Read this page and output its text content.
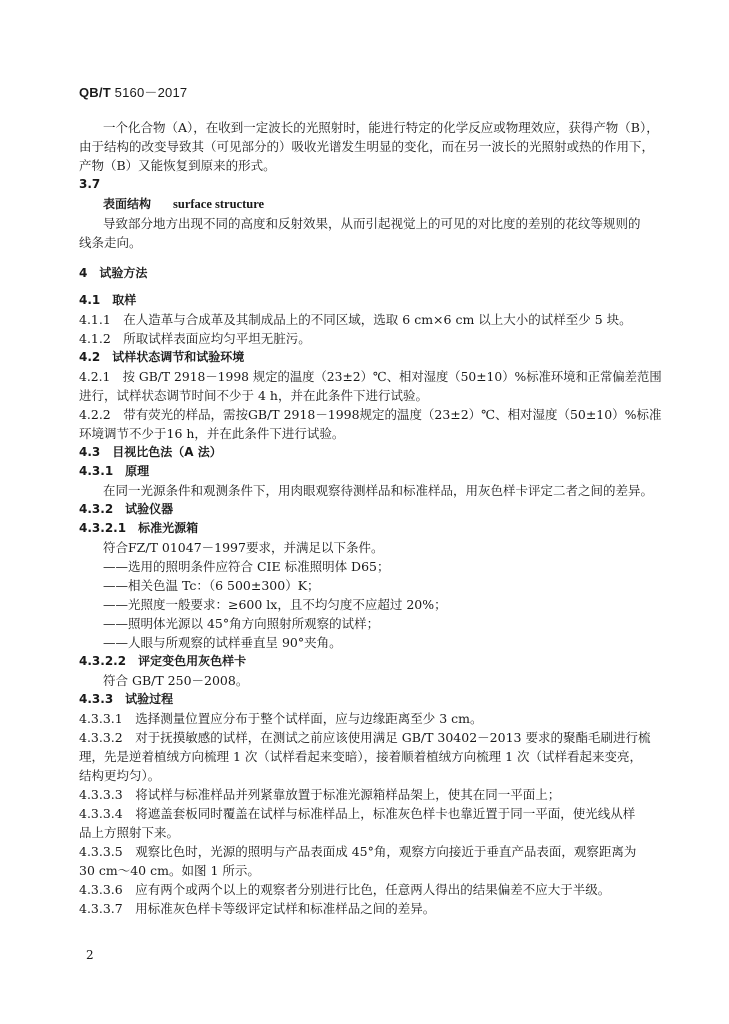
QB/T 5160－2017
一个化合物（A），在收到一定波长的光照射时，能进行特定的化学反应或物理效应，获得产物（B），
由于结构的改变导致其（可见部分的）吸收光谱发生明显的变化，而在另一波长的光照射或热的作用下，
产物（B）又能恢复到原来的形式。
3.7
表面结构 surface structure
导致部分地方出现不同的高度和反射效果，从而引起视觉上的可见的对比度的差别的花纹等规则的
线条走向。
4　试验方法
4.1　取样
4.1.1　在人造革与合成革及其制成品上的不同区域，选取 6 cm×6 cm 以上大小的试样至少 5 块。
4.1.2　所取试样表面应均匀平坦无脏污。
4.2　试样状态调节和试验环境
4.2.1　按 GB/T 2918－1998 规定的温度（23±2）℃、相对湿度（50±10）%标准环境和正常偏差范围
进行，试样状态调节时间不少于 4 h，并在此条件下进行试验。
4.2.2　带有荧光的样品，需按GB/T 2918－1998规定的温度（23±2）℃、相对湿度（50±10）%标准
环境调节不少于16 h，并在此条件下进行试验。
4.3　目视比色法（A 法）
4.3.1　原理
在同一光源条件和观测条件下，用肉眼观察待测样品和标准样品，用灰色样卡评定二者之间的差异。
4.3.2　试验仪器
4.3.2.1　标准光源箱
符合FZ/T 01047－1997要求，并满足以下条件。
——选用的照明条件应符合 CIE 标准照明体 D65；
——相关色温 Tc：（6 500±300）K；
——光照度一般要求：≥600 lx，且不均匀度不应超过 20%；
——照明体光源以 45°角方向照射所观察的试样；
——人眼与所观察的试样垂直呈 90°夹角。
4.3.2.2　评定变色用灰色样卡
符合 GB/T 250－2008。
4.3.3　试验过程
4.3.3.1　选择测量位置应分布于整个试样面，应与边缘距离至少 3 cm。
4.3.3.2　对于抚摸敏感的试样，在测试之前应该使用满足 GB/T 30402－2013 要求的聚酯毛刷进行梳
理，先是逆着植绒方向梳理 1 次（试样看起来变暗），接着顺着植绒方向梳理 1 次（试样看起来变亮，
结构更均匀）。
4.3.3.3　将试样与标准样品并列紧靠放置于标准光源箱样品架上，使其在同一平面上；
4.3.3.4　将遮盖套板同时覆盖在试样与标准样品上，标准灰色样卡也靠近置于同一平面，使光线从样
品上方照射下来。
4.3.3.5　观察比色时，光源的照明与产品表面成 45°角，观察方向接近于垂直产品表面，观察距离为
30 cm～40 cm。如图 1 所示。
4.3.3.6　应有两个或两个以上的观察者分别进行比色，任意两人得出的结果偏差不应大于半级。
4.3.3.7　用标准灰色样卡等级评定试样和标准样品之间的差异。
2
